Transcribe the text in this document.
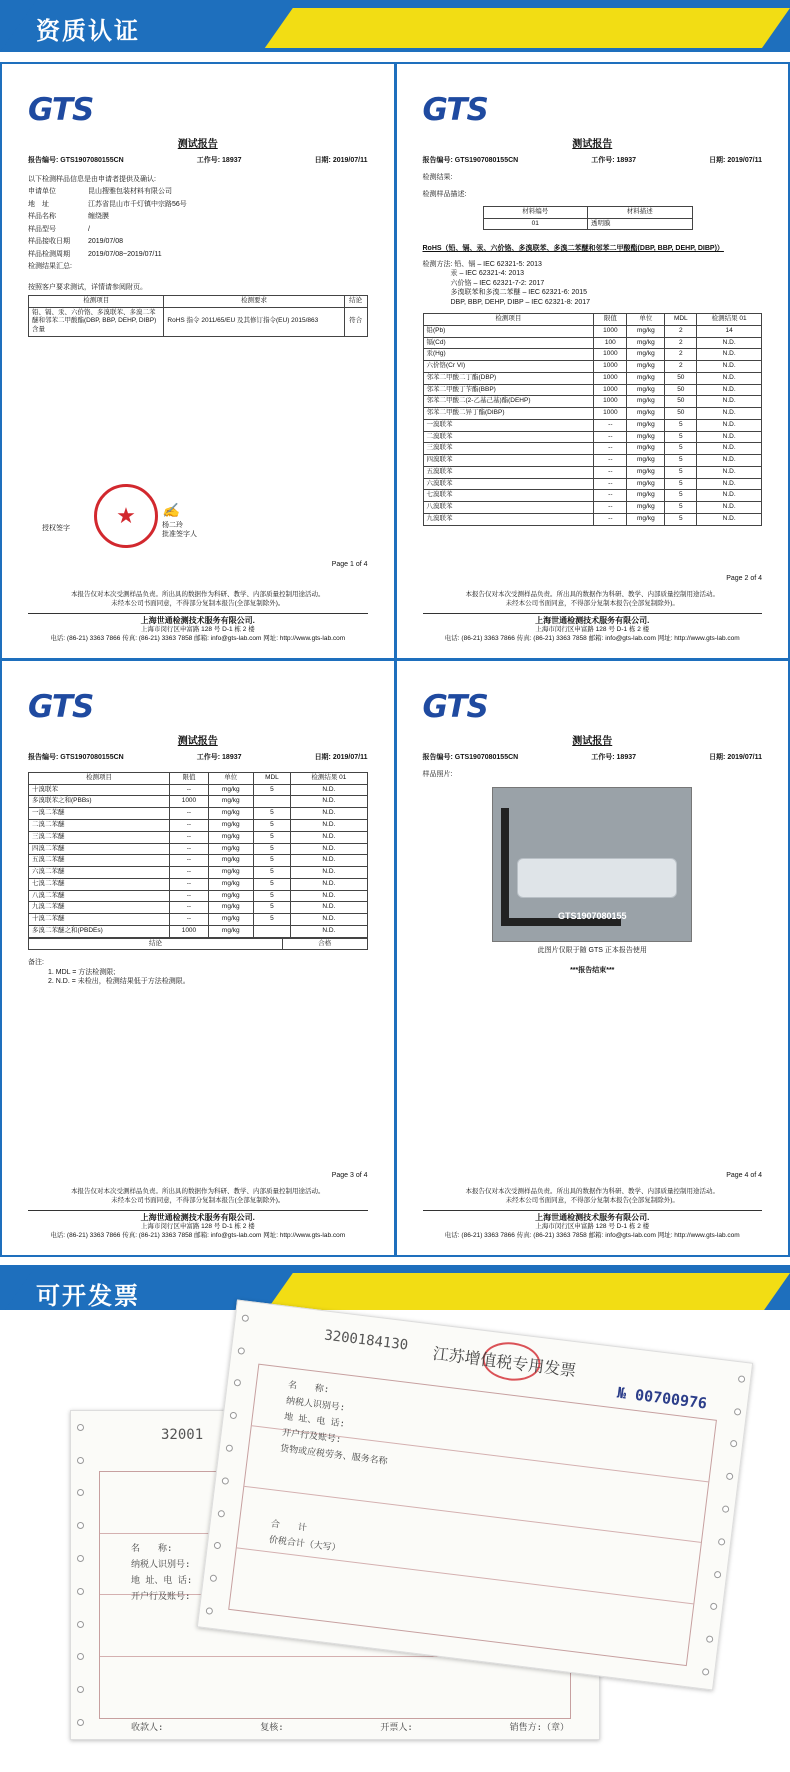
资质认证
GTS
测试报告
报告编号: GTS1907080155CN	工作号: 18937	日期: 2019/07/11

以下检测样品信息是由申请者提供及确认:

申请单位	昆山搜雅包装材料有限公司
地　址	江苏省昆山市千灯镇中宗路56号
样品名称	缠绕膜
样品型号	/
样品接收日期	2019/07/08
样品检测周期	2019/07/08~2019/07/11

检测结果汇总:

按照客户要求测试，详情请参阅附页。

检测项目	检测要求	结论
铅、镉、汞、六价铬、多溴联苯、多溴二苯醚和邻苯二甲酸酯(DBP, BBP, DEHP, DIBP)含量	RoHS 指令 2011/65/EU 及其修订指令(EU) 2015/863	符合
★	✍
杨二玲
批准签字人
授权签字
Page 1 of 4
本报告仅对本次受测样品负责。所出具的数据作为科研、教学、内部质量控制用途活动。
未经本公司书面同意，不得部分复制本报告(全部复制除外)。
上海世通检测技术服务有限公司.
上海市闵行区申富路 128 号 D-1 栋 2 楼
电话: (86-21) 3363 7866 传真: (86-21) 3363 7858 邮箱: info@gts-lab.com 网址: http://www.gts-lab.com
GTS
测试报告
报告编号: GTS1907080155CN	工作号: 18937	日期: 2019/07/11

检测结果:

检测样品描述:

材料编号	材料描述
01	透明膜

RoHS（铅、镉、汞、六价铬、多溴联苯、多溴二苯醚和邻苯二甲酸酯(DBP, BBP, DEHP, DIBP)）

检测方法: 铅、镉 – IEC 62321-5: 2013

汞 – IEC 62321-4: 2013

六价铬 – IEC 62321-7-2: 2017

多溴联苯和多溴二苯醚 – IEC 62321-6: 2015

DBP, BBP, DEHP, DIBP – IEC 62321-8: 2017

检测项目	限值	单位	MDL	检测结果 01
铅(Pb)	1000	mg/kg	2	14
镉(Cd)	100	mg/kg	2	N.D.
汞(Hg)	1000	mg/kg	2	N.D.
六价铬(Cr VI)	1000	mg/kg	2	N.D.
邻苯二甲酸二丁酯(DBP)	1000	mg/kg	50	N.D.
邻苯二甲酸丁苄酯(BBP)	1000	mg/kg	50	N.D.
邻苯二甲酸二(2-乙基己基)酯(DEHP)	1000	mg/kg	50	N.D.
邻苯二甲酸二异丁酯(DIBP)	1000	mg/kg	50	N.D.
一溴联苯	--	mg/kg	5	N.D.
二溴联苯	--	mg/kg	5	N.D.
三溴联苯	--	mg/kg	5	N.D.
四溴联苯	--	mg/kg	5	N.D.
五溴联苯	--	mg/kg	5	N.D.
六溴联苯	--	mg/kg	5	N.D.
七溴联苯	--	mg/kg	5	N.D.
八溴联苯	--	mg/kg	5	N.D.
九溴联苯	--	mg/kg	5	N.D.
Page 2 of 4
本报告仅对本次受测样品负责。所出具的数据作为科研、教学、内部质量控制用途活动。
未经本公司书面同意，不得部分复制本报告(全部复制除外)。
上海世通检测技术服务有限公司.
上海市闵行区申富路 128 号 D-1 栋 2 楼
电话: (86-21) 3363 7866 传真: (86-21) 3363 7858 邮箱: info@gts-lab.com 网址: http://www.gts-lab.com
GTS
测试报告
报告编号: GTS1907080155CN	工作号: 18937	日期: 2019/07/11
检测项目	限值	单位	MDL	检测结果 01
十溴联苯	--	mg/kg	5	N.D.
多溴联苯之和(PBBs)	1000	mg/kg		N.D.
一溴二苯醚	--	mg/kg	5	N.D.
二溴二苯醚	--	mg/kg	5	N.D.
三溴二苯醚	--	mg/kg	5	N.D.
四溴二苯醚	--	mg/kg	5	N.D.
五溴二苯醚	--	mg/kg	5	N.D.
六溴二苯醚	--	mg/kg	5	N.D.
七溴二苯醚	--	mg/kg	5	N.D.
八溴二苯醚	--	mg/kg	5	N.D.
九溴二苯醚	--	mg/kg	5	N.D.
十溴二苯醚	--	mg/kg	5	N.D.
多溴二苯醚之和(PBDEs)	1000	mg/kg		N.D.
结论	合格

备注:

1. MDL = 方法检测限;

2. N.D. = 未检出，检测结果低于方法检测限。

Page 3 of 4
本报告仅对本次受测样品负责。所出具的数据作为科研、教学、内部质量控制用途活动。
未经本公司书面同意，不得部分复制本报告(全部复制除外)。
上海世通检测技术服务有限公司.
上海市闵行区申富路 128 号 D-1 栋 2 楼
电话: (86-21) 3363 7866 传真: (86-21) 3363 7858 邮箱: info@gts-lab.com 网址: http://www.gts-lab.com
GTS
测试报告
报告编号: GTS1907080155CN	工作号: 18937	日期: 2019/07/11

样品照片:

GTS1907080155

此图片仅限于随 GTS 正本报告使用

***报告结束***

Page 4 of 4
本报告仅对本次受测样品负责。所出具的数据作为科研、教学、内部质量控制用途活动。
未经本公司书面同意，不得部分复制本报告(全部复制除外)。
上海世通检测技术服务有限公司.
上海市闵行区申富路 128 号 D-1 栋 2 楼
电话: (86-21) 3363 7866 传真: (86-21) 3363 7858 邮箱: info@gts-lab.com 网址: http://www.gts-lab.com
可开发票
32001
名　　称:
纳税人识别号:
地 址、电 话:
开户行及账号:
收款人:	复核:	开票人:	销售方:（章）
3200184130
江苏增值税专用发票
№ 00700976
名　　称:
纳税人识别号:
地 址、电 话:
开户行及账号:
货物或应税劳务、服务名称
合　　计
价税合计（大写）
